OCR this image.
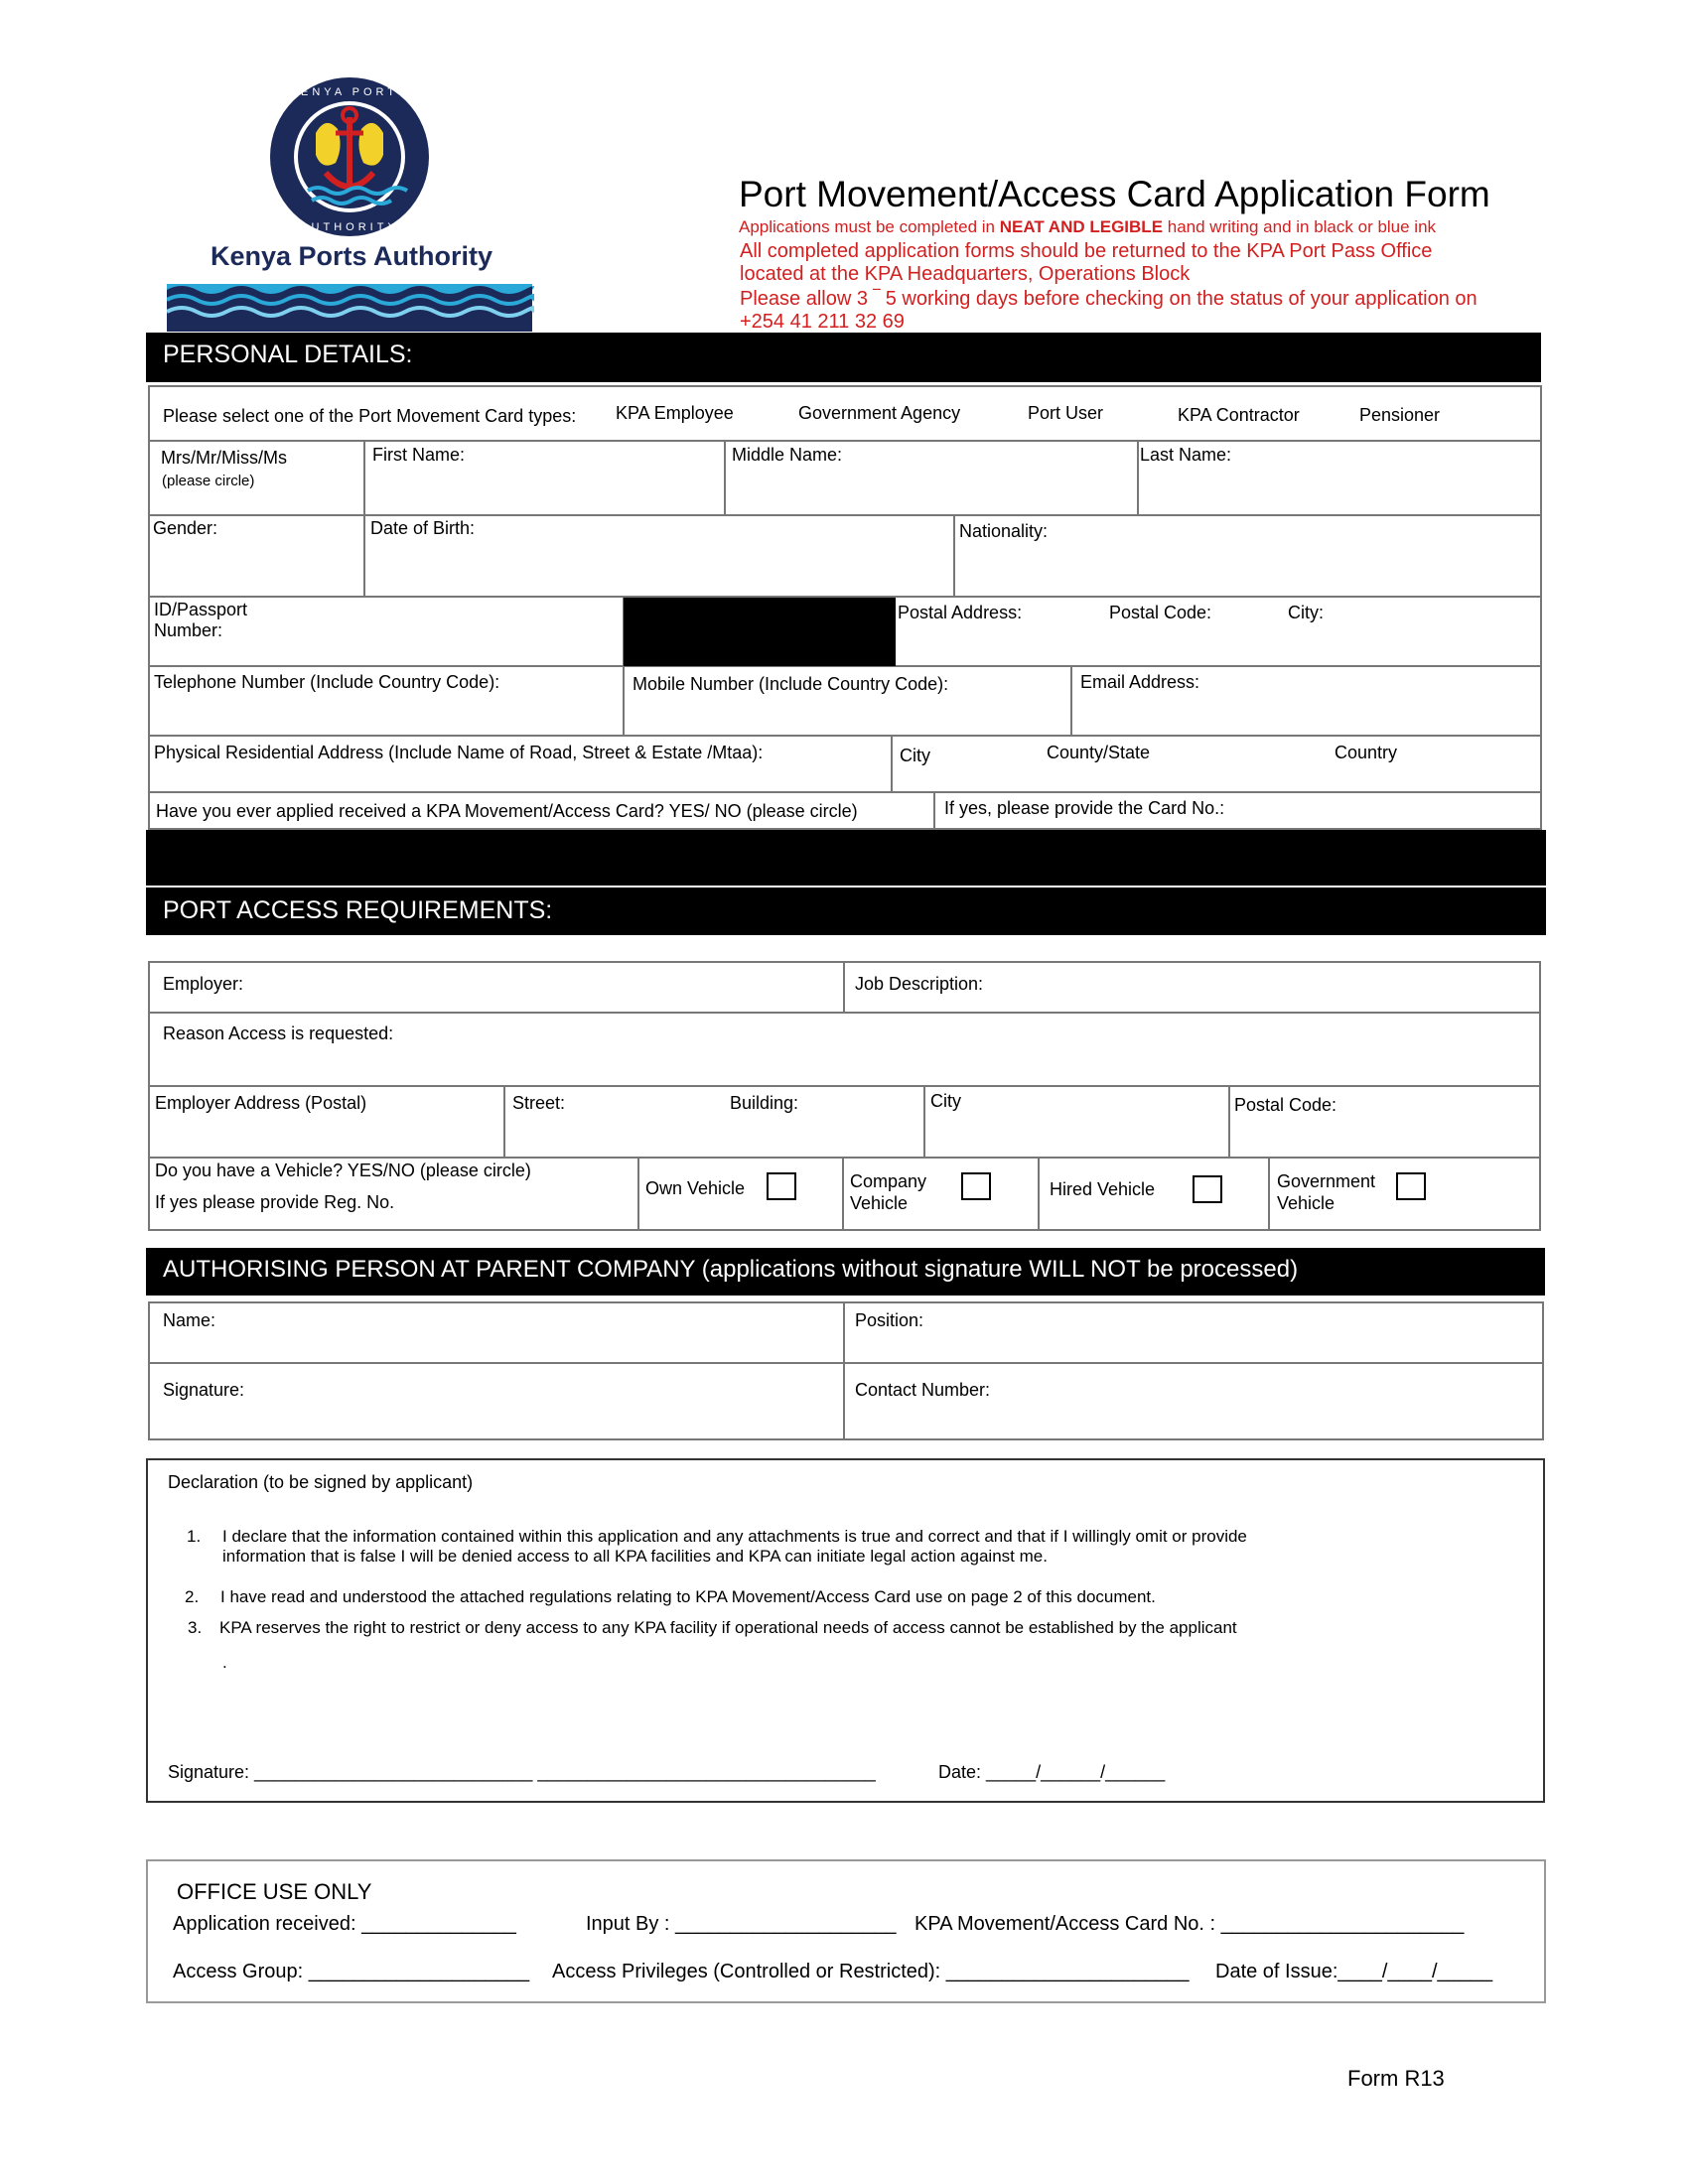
KENYA PORTS
AUTHORITY
Kenya Ports Authority
Port Movement/Access Card Application Form
Applications must be completed in NEAT AND LEGIBLE hand writing and in black or blue ink
All completed application forms should be returned to the KPA Port Pass Office
located at the KPA Headquarters, Operations Block
Please allow 3 ‾ 5 working days before checking on the status of your application on
+254 41 211 32 69
PERSONAL DETAILS:
Please select one of the Port Movement Card types: KPA Employee	Government Agency	Port User	KPA Contractor	Pensioner
Mrs/Mr/Miss/Ms
(please circle)
First Name:	Middle Name:	Last Name:
Gender:	Date of Birth:	Nationality:
ID/Passport
Number:
Postal Address:	Postal Code:	City:
Telephone Number (Include Country Code):	Mobile Number (Include Country Code):	Email Address:
Physical Residential Address (Include Name of Road, Street & Estate /Mtaa):	City	County/State	Country
Have you ever applied received a KPA Movement/Access Card? YES/ NO (please circle)	If yes, please provide the Card No.:
PORT ACCESS REQUIREMENTS:
Employer:	Job Description:
Reason Access is requested:
Employer Address (Postal)	Street:	Building:	City	Postal Code:
Do you have a Vehicle? YES/NO (please circle)
If yes please provide Reg. No.
Own Vehicle	Company
Vehicle
Hired Vehicle	Government
Vehicle
AUTHORISING PERSON AT PARENT COMPANY (applications without signature WILL NOT be processed)
Name:	Position:
Signature:	Contact Number:
Declaration (to be signed by applicant)
1. I declare that the information contained within this application and any attachments is true and correct and that if I willingly omit or provide
information that is false I will be denied access to all KPA facilities and KPA can initiate legal action against me.
2. I have read and understood the attached regulations relating to KPA Movement/Access Card use on page 2 of this document.
3. KPA reserves the right to restrict or deny access to any KPA facility if operational needs of access cannot be established by the applicant
.
Signature: ____________________________ __________________________________	Date: _____/______/______
OFFICE USE ONLY
Application received: ______________	Input By : ____________________ KPA Movement/Access Card No. : ______________________
Access Group: ____________________ Access Privileges (Controlled or Restricted): ______________________ Date of Issue:____/____/_____
Form R13
